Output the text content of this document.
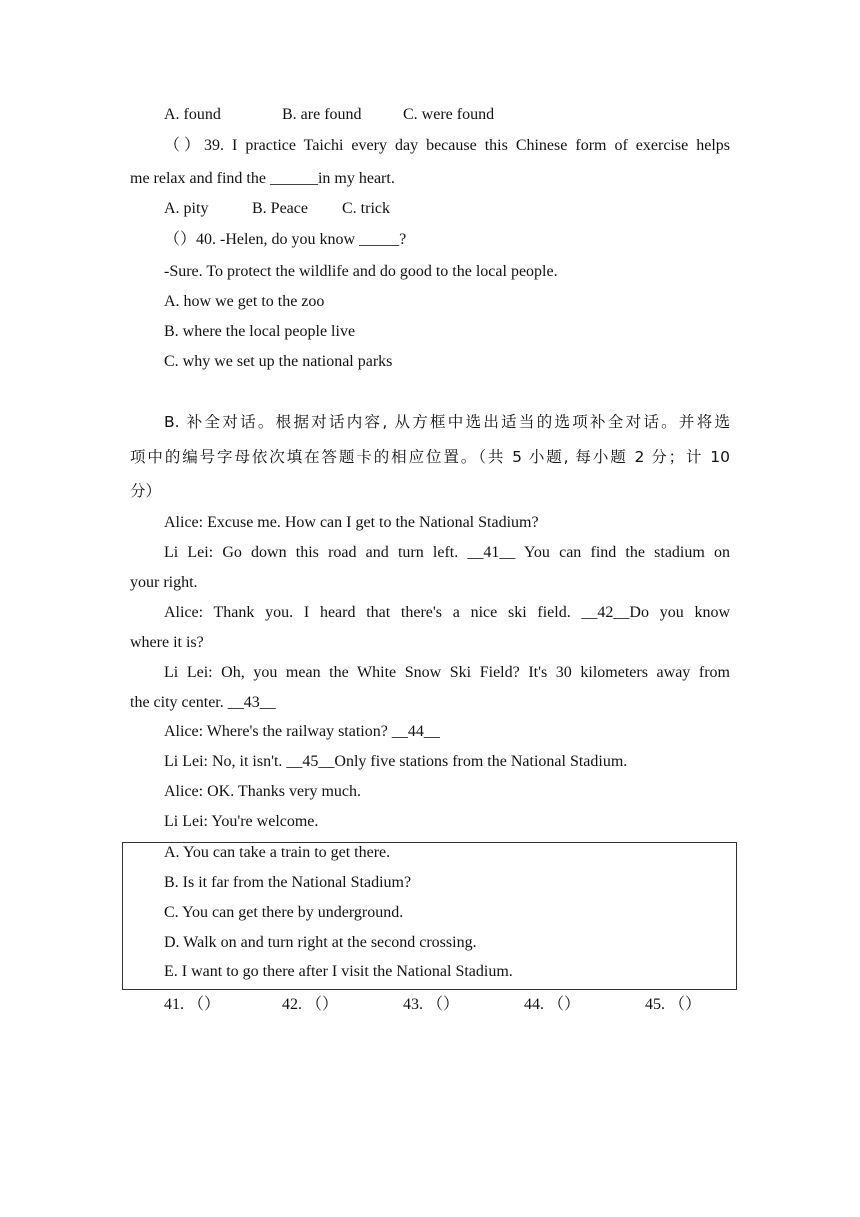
A. found	B. are found	C. were found
（）39. I practice Taichi every day because this Chinese form of exercise helps
me relax and find the ______in my heart.
A. pity	B. Peace C. trick
（）40. -Helen, do you know _____?
-Sure. To protect the wildlife and do good to the local people.
A. how we get to the zoo
B. where the local people live
C. why we set up the national parks
B. 补全对话。根据对话内容, 从方框中选出适当的选项补全对话。并将选
项中的编号字母依次填在答题卡的相应位置。（共 5 小题, 每小题 2 分；计 10
分）
Alice: Excuse me. How can I get to the National Stadium?
Li Lei: Go down this road and turn left. __41__ You can find the stadium on
your right.
Alice: Thank you. I heard that there's a nice ski field. __42__Do you know
where it is?
Li Lei: Oh, you mean the White Snow Ski Field? It's 30 kilometers away from
the city center. __43__
Alice: Where's the railway station? __44__
Li Lei: No, it isn't. __45__Only five stations from the National Stadium.
Alice: OK. Thanks very much.
Li Lei: You're welcome.
A. You can take a train to get there.
B. Is it far from the National Stadium?
C. You can get there by underground.
D. Walk on and turn right at the second crossing.
E. I want to go there after I visit the National Stadium.
41. （）	42. （）	43. （）	44. （）	45. （）
